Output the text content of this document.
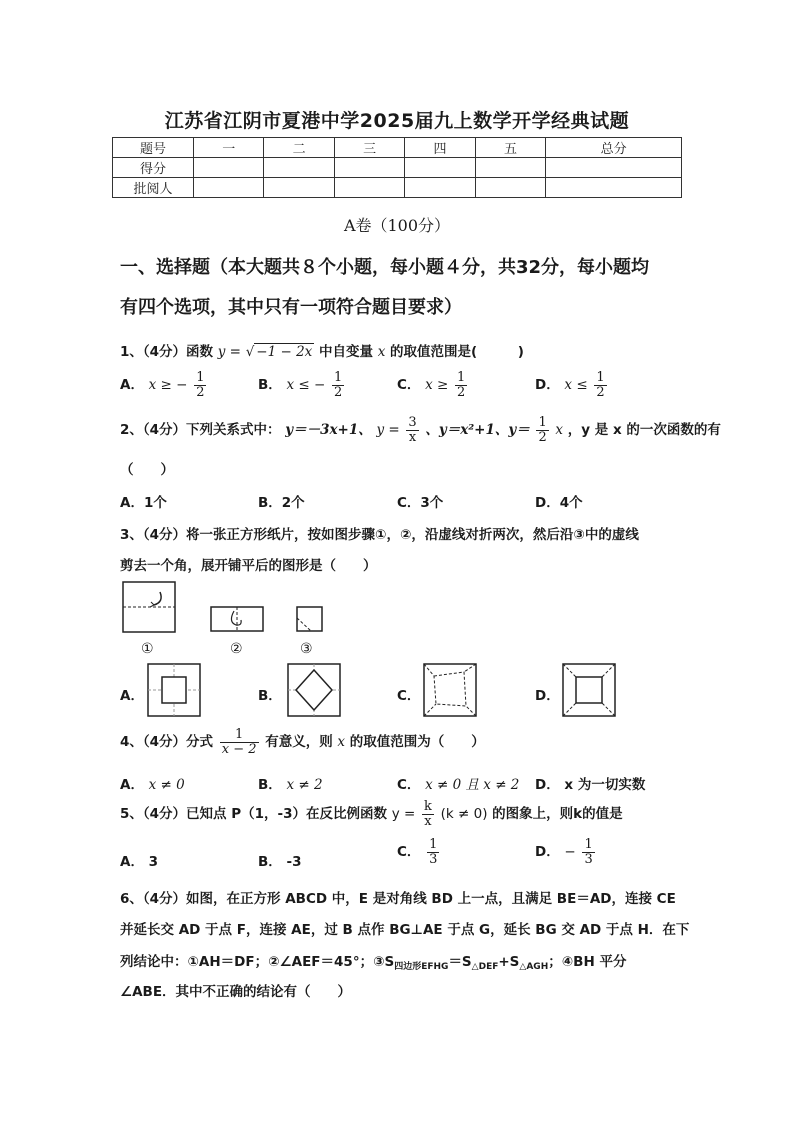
江苏省江阴市夏港中学2025届九上数学开学经典试题
题号	一	二	三	四	五	总分
得分						
批阅人						
A卷（100分）
一、选择题（本大题共８个小题，每小题４分，共32分，每小题均
有四个选项，其中只有一项符合题目要求）
1、（4分）函数 y = √ −1 − 2x 中自变量 x 的取值范围是(　　　)
A． x ≥ − $\frac{1}{2}$	B． x ≤ − $\frac{1}{2}$	C． $x \ge \frac{1}{2}$	D． $x \le \frac{1}{2}$
2、（4分）下列关系式中： y＝－3x+1、 $y = \frac{3}{x}$ 、y＝x²+1、$y= \frac{1}{2}$ x ，y 是 x 的一次函数的有
（　　）
A．1个	B．2个	C．3个	D．4个
3、（4分）将一张正方形纸片，按如图步骤①，②，沿虚线对折两次，然后沿③中的虚线
剪去一个角，展开铺平后的图形是（　　）
①	②	③
A．	B．	C．	D．
4、（4分）分式 $\frac{1}{x - 2}$ 有意义，则 x 的取值范围为（　　）
A． x ≠ 0	B． x ≠ 2	C． x ≠ 0 且 x ≠ 2 D． x 为一切实数
5、（4分）已知点 P（1，-3）在反比例函数 $y = \frac{k}{x} (k \ne 0)$ 的图象上，则k的值是
A． 3	B． -3
C． $\frac{1}{3}$	D． − $\frac{1}{3}$
6、（4分）如图，在正方形 ABCD 中，E 是对角线 BD 上一点，且满足 BE＝AD，连接 CE
并延长交 AD 于点 F，连接 AE，过 B 点作 BG⊥AE 于点 G，延长 BG 交 AD 于点 H．在下
列结论中：①AH＝DF；②∠AEF＝45°；$③S_{四边形EFHG}=S_{\triangle DEF}+S_{\triangle AGH}$；④BH 平分
∠ABE．其中不正确的结论有（　　）
